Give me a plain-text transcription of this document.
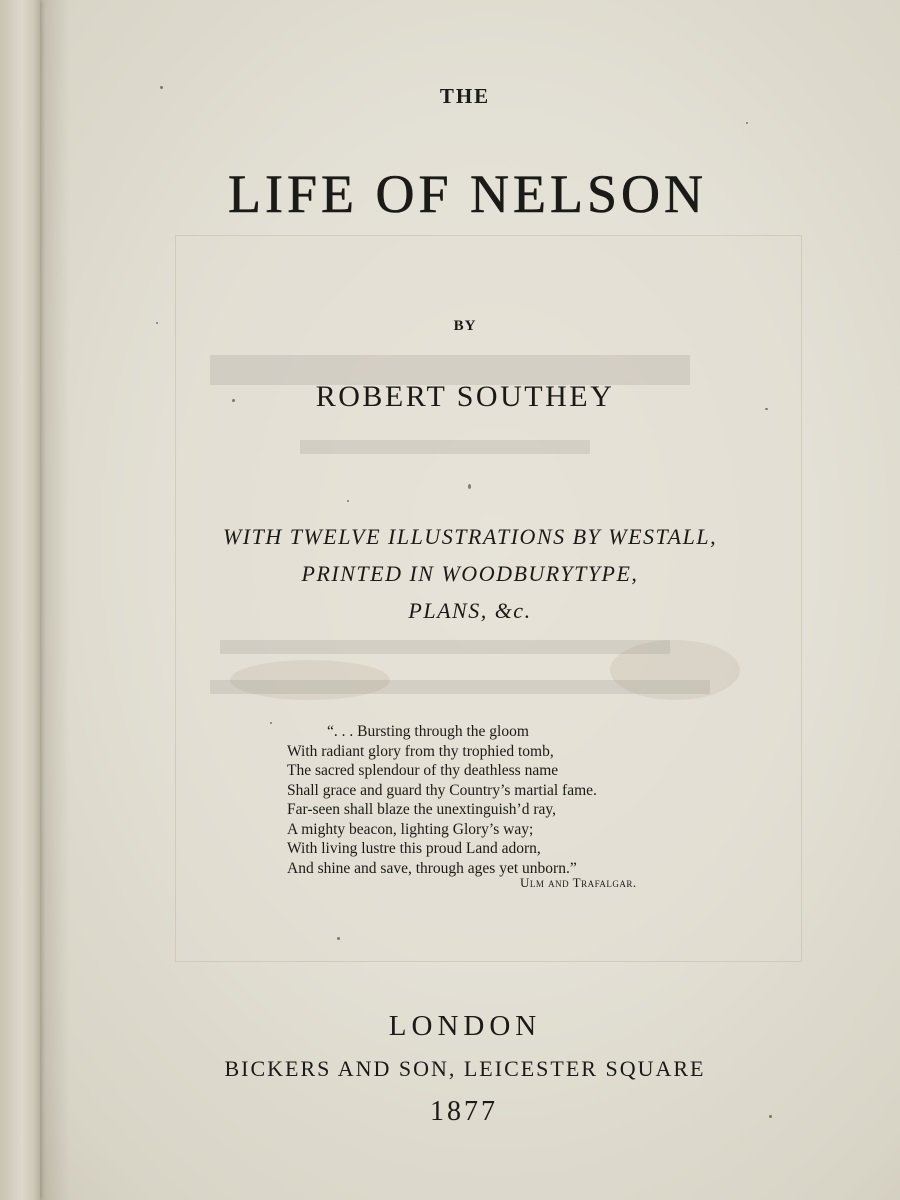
THE
LIFE OF NELSON
BY
ROBERT SOUTHEY
WITH TWELVE ILLUSTRATIONS BY WESTALL,
PRINTED IN WOODBURYTYPE,
PLANS, &c.
“. . . Bursting through the gloom
With radiant glory from thy trophied tomb,
The sacred splendour of thy deathless name
Shall grace and guard thy Country’s martial fame.
Far-seen shall blaze the unextinguish’d ray,
A mighty beacon, lighting Glory’s way;
With living lustre this proud Land adorn,
And shine and save, through ages yet unborn.”
Ulm and Trafalgar.
LONDON
BICKERS AND SON, LEICESTER SQUARE
1877
